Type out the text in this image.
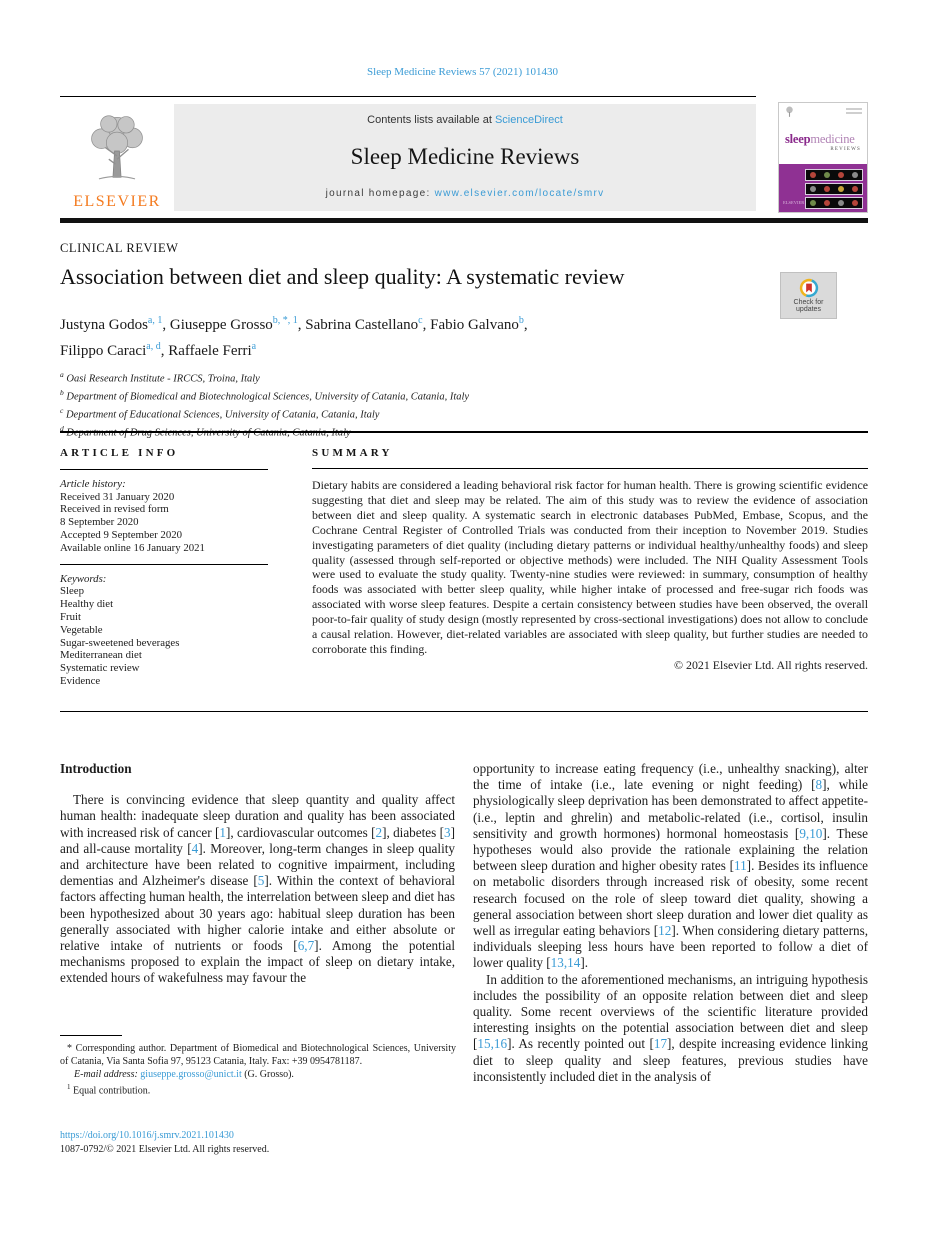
Sleep Medicine Reviews 57 (2021) 101430
ELSEVIER
Contents lists available at ScienceDirect
Sleep Medicine Reviews
journal homepage: www.elsevier.com/locate/smrv
sleepmedicine
REVIEWS
ELSEVIER
CLINICAL REVIEW
Association between diet and sleep quality: A systematic review
Check for
updates
Justyna Godos$^{a, 1}$, Giuseppe Grosso$^{b, *, 1}$, Sabrina Castellano$^c$, Fabio Galvano$^b$,
Filippo Caraci$^{a, d}$, Raffaele Ferri$^a$
$^a$ Oasi Research Institute - IRCCS, Troina, Italy
$^b$ Department of Biomedical and Biotechnological Sciences, University of Catania, Catania, Italy
$^c$ Department of Educational Sciences, University of Catania, Catania, Italy
$^d$ Department of Drug Sciences, University of Catania, Catania, Italy
ARTICLE INFO
Article history:
Received 31 January 2020
Received in revised form
8 September 2020
Accepted 9 September 2020
Available online 16 January 2021
Keywords:
Sleep
Healthy diet
Fruit
Vegetable
Sugar-sweetened beverages
Mediterranean diet
Systematic review
Evidence
SUMMARY

Dietary habits are considered a leading behavioral risk factor for human health. There is growing scientific evidence suggesting that diet and sleep may be related. The aim of this study was to review the evidence of association between diet and sleep quality. A systematic search in electronic databases PubMed, Embase, Scopus, and the Cochrane Central Register of Controlled Trials was conducted from their inception to November 2019. Studies investigating parameters of diet quality (including dietary patterns or individual healthy/unhealthy foods) and sleep quality (assessed through self-reported or objective methods) were included. The NIH Quality Assessment Tools were used to evaluate the study quality. Twenty-nine studies were reviewed: in summary, consumption of healthy foods was associated with better sleep quality, while higher intake of processed and free-sugar rich foods was associated with worse sleep features. Despite a certain consistency between studies have been observed, the overall poor-to-fair quality of study design (mostly represented by cross-sectional investigations) does not allow to conclude a causal relation. However, diet-related variables are associated with sleep quality, but further studies are needed to corroborate this finding.

© 2021 Elsevier Ltd. All rights reserved.
Introduction

There is convincing evidence that sleep quantity and quality affect human health: inadequate sleep duration and quality has been associated with increased risk of cancer [1], cardiovascular outcomes [2], diabetes [3] and all-cause mortality [4]. Moreover, long-term changes in sleep quality and architecture have been related to cognitive impairment, including dementias and Alzheimer's disease [5]. Within the context of behavioral factors affecting human health, the interrelation between sleep and diet has been hypothesized about 30 years ago: habitual sleep duration has been generally associated with higher calorie intake and either absolute or relative intake of nutrients or foods [6,7]. Among the potential mechanisms proposed to explain the impact of sleep on dietary intake, extended hours of wakefulness may favour the

opportunity to increase eating frequency (i.e., unhealthy snacking), alter the time of intake (i.e., late evening or night feeding) [8], while physiologically sleep deprivation has been demonstrated to affect appetite- (i.e., leptin and ghrelin) and metabolic-related (i.e., cortisol, insulin sensitivity and growth hormones) hormonal homeostasis [9,10]. These hypotheses would also provide the rationale explaining the relation between sleep duration and higher obesity rates [11]. Besides its influence on metabolic disorders through increased risk of obesity, some recent research focused on the role of sleep toward diet quality, showing a general association between short sleep duration and lower diet quality as well as irregular eating behaviors [12]. When considering dietary patterns, individuals sleeping less hours have been reported to follow a diet of lower quality [13,14].

In addition to the aforementioned mechanisms, an intriguing hypothesis includes the possibility of an opposite relation between diet and sleep quality. Some recent overviews of the scientific literature provided interesting insights on the potential association between diet and sleep [15,16]. As recently pointed out [17], despite increasing evidence linking diet to sleep quality and sleep features, previous studies have inconsistently included diet in the analysis of

* Corresponding author. Department of Biomedical and Biotechnological Sciences, University of Catania, Via Santa Sofia 97, 95123 Catania, Italy. Fax: +39 0954781187.

E-mail address: giuseppe.grosso@unict.it (G. Grosso).

$^1$ Equal contribution.

https://doi.org/10.1016/j.smrv.2021.101430
1087-0792/© 2021 Elsevier Ltd. All rights reserved.
